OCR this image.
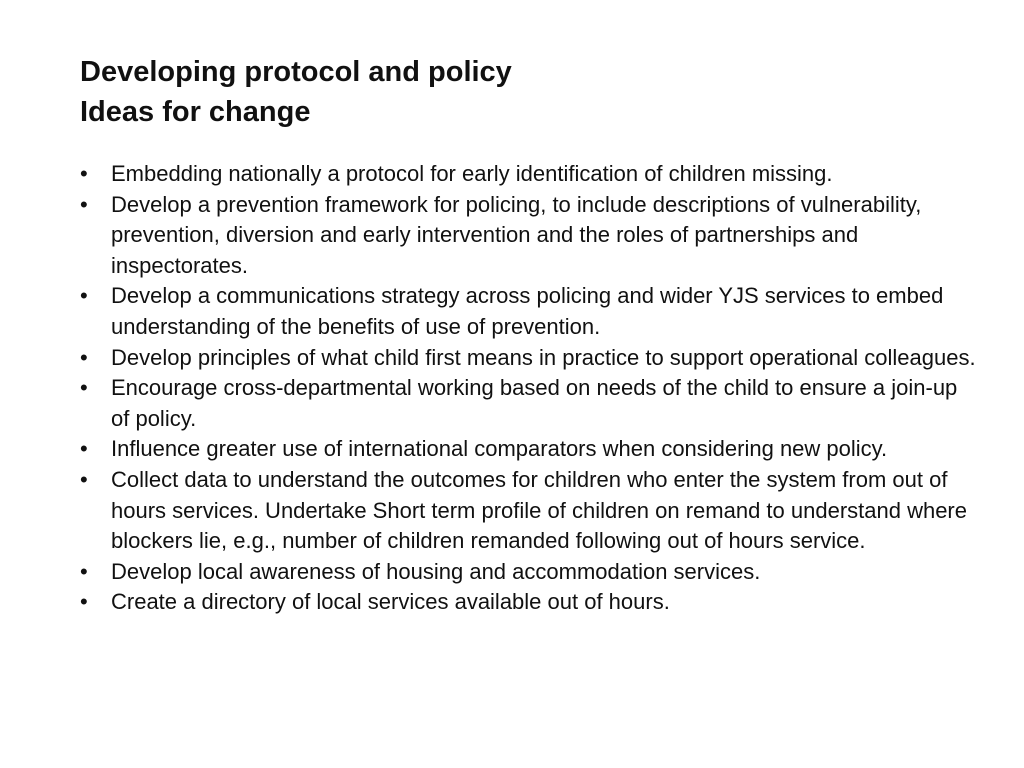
Developing protocol and policy
Ideas for change
• Embedding nationally a protocol for early identification of children missing.
• Develop a prevention framework for policing, to include descriptions of vulnerability, prevention, diversion and early intervention and the roles of partnerships and inspectorates.
• Develop a communications strategy across policing and wider YJS services to embed understanding of the benefits of use of prevention.
• Develop principles of what child first means in practice to support operational colleagues.
• Encourage cross-departmental working based on needs of the child to ensure a join-up of policy.
• Influence greater use of international comparators when considering new policy.
• Collect data to understand the outcomes for children who enter the system from out of hours services. Undertake Short term profile of children on remand to understand where blockers lie, e.g., number of children remanded following out of hours service.
• Develop local awareness of housing and accommodation services.
• Create a directory of local services available out of hours.
